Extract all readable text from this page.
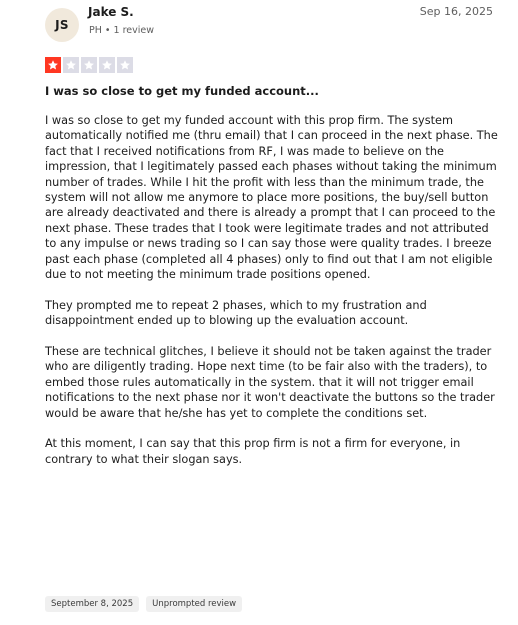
JS
Jake S.
PH • 1 review
Sep 16, 2025
I was so close to get my funded account...

I was so close to get my funded account with this prop firm. The system automatically notified me (thru email) that I can proceed in the next phase. The fact that I received notifications from RF, I was made to believe on the impression, that I legitimately passed each phases without taking the minimum number of trades. While I hit the profit with less than the minimum trade, the system will not allow me anymore to place more positions, the buy/sell button are already deactivated and there is already a prompt that I can proceed to the next phase. These trades that I took were legitimate trades and not attributed to any impulse or news trading so I can say those were quality trades. I breeze past each phase (completed all 4 phases) only to find out that I am not eligible due to not meeting the minimum trade positions opened.

They prompted me to repeat 2 phases, which to my frustration and disappointment ended up to blowing up the evaluation account.

These are technical glitches, I believe it should not be taken against the trader who are diligently trading. Hope next time (to be fair also with the traders), to embed those rules automatically in the system. that it will not trigger email notifications to the next phase nor it won't deactivate the buttons so the trader would be aware that he/she has yet to complete the conditions set.

At this moment, I can say that this prop firm is not a firm for everyone, in contrary to what their slogan says.

September 8, 2025	Unprompted review
